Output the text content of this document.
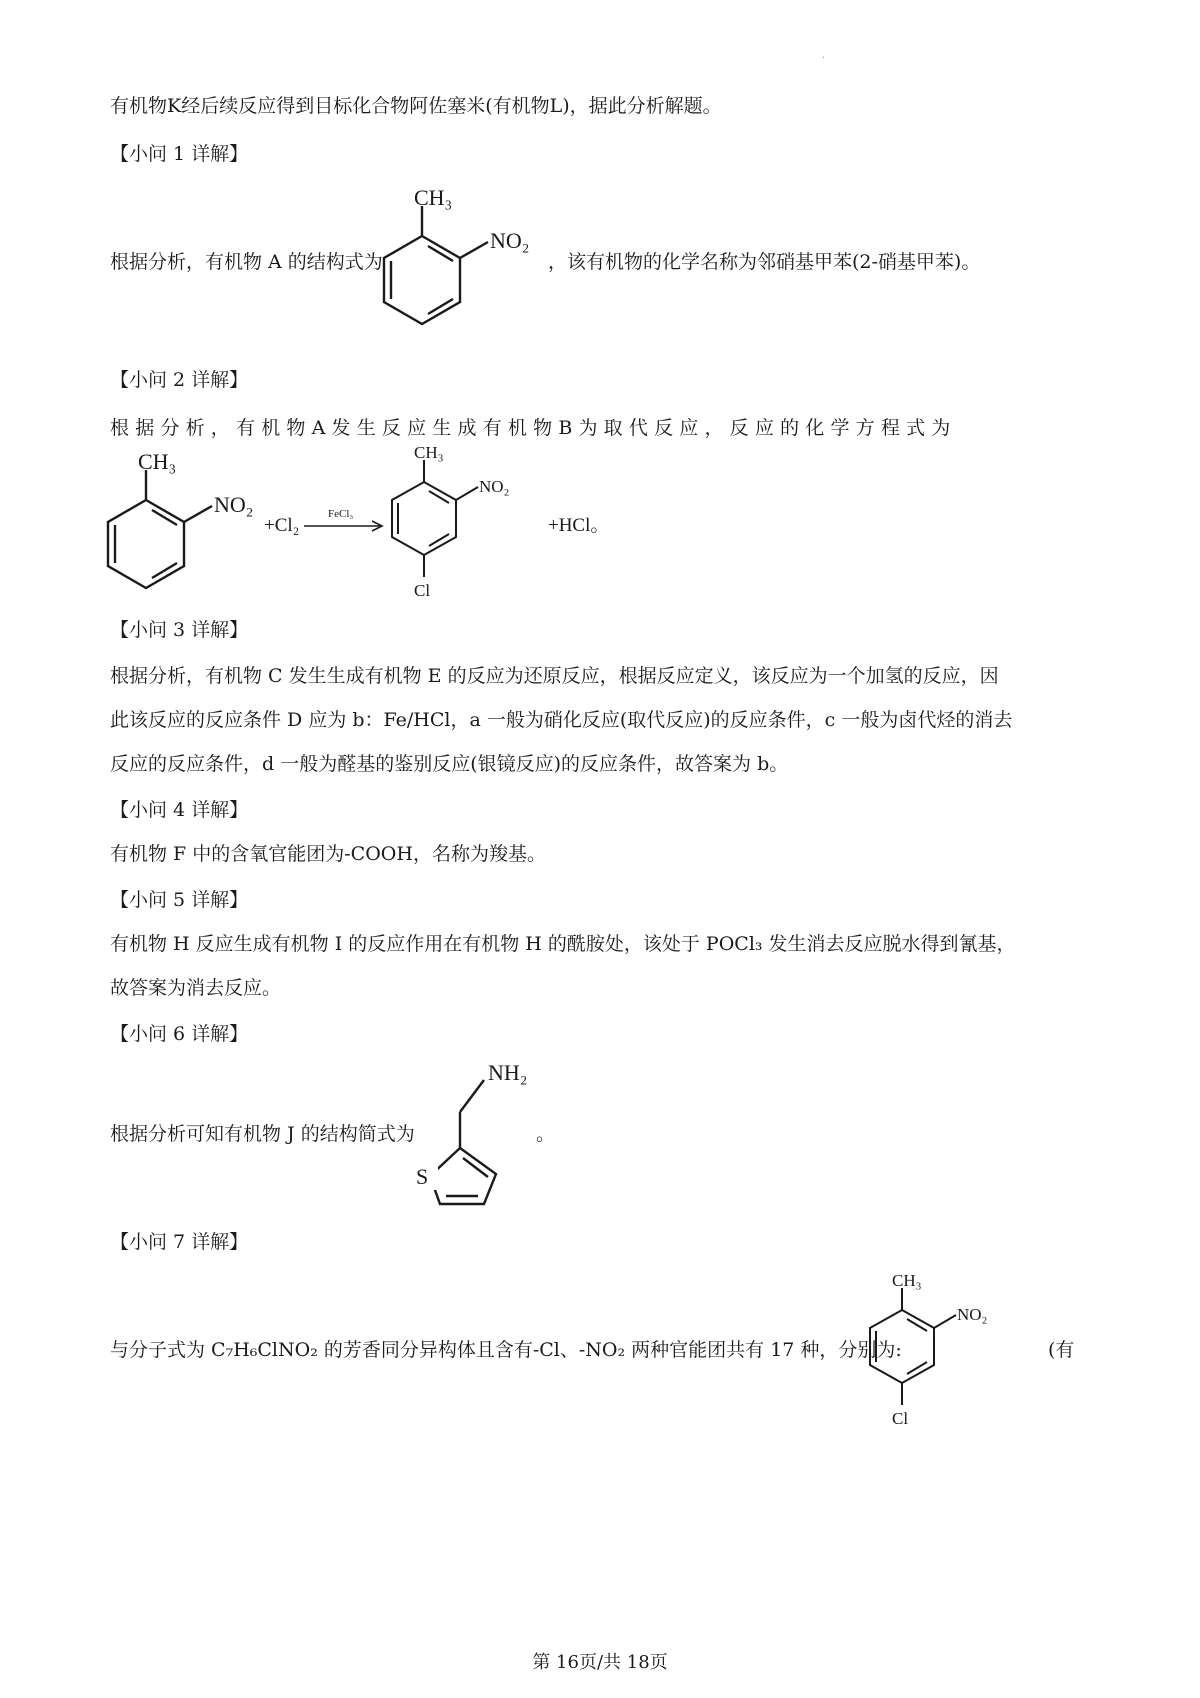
.
有机物K经后续反应得到目标化合物阿佐塞米(有机物L)，据此分析解题。
【小问 1 详解】
根据分析，有机物 A 的结构式为	，该有机物的化学名称为邻硝基甲苯(2-硝基甲苯)。
CH₃
NO₂
【小问 2 详解】
根据分析，有机物A发生反应生成有机物B为取代反应，反应的化学方程式为
CH₃
NO₂
+Cl₂
FeCl₃
CH₃
NO₂
Cl
+HCl。
【小问 3 详解】
根据分析，有机物 C 发生生成有机物 E 的反应为还原反应，根据反应定义，该反应为一个加氢的反应，因
此该反应的反应条件 D 应为 b：Fe/HCl，a 一般为硝化反应(取代反应)的反应条件，c 一般为卤代烃的消去
反应的反应条件，d 一般为醛基的鉴别反应(银镜反应)的反应条件，故答案为 b。
【小问 4 详解】
有机物 F 中的含氧官能团为-COOH，名称为羧基。
【小问 5 详解】
有机物 H 反应生成有机物 I 的反应作用在有机物 H 的酰胺处，该处于 POCl₃ 发生消去反应脱水得到氰基，
故答案为消去反应。
【小问 6 详解】
根据分析可知有机物 J 的结构简式为
S
NH₂
。
【小问 7 详解】
与分子式为 C₇H₆ClNO₂ 的芳香同分异构体且含有-Cl、-NO₂ 两种官能团共有 17 种，分别为:
CH₃
NO₂
Cl
(有
第 16页/共 18页
